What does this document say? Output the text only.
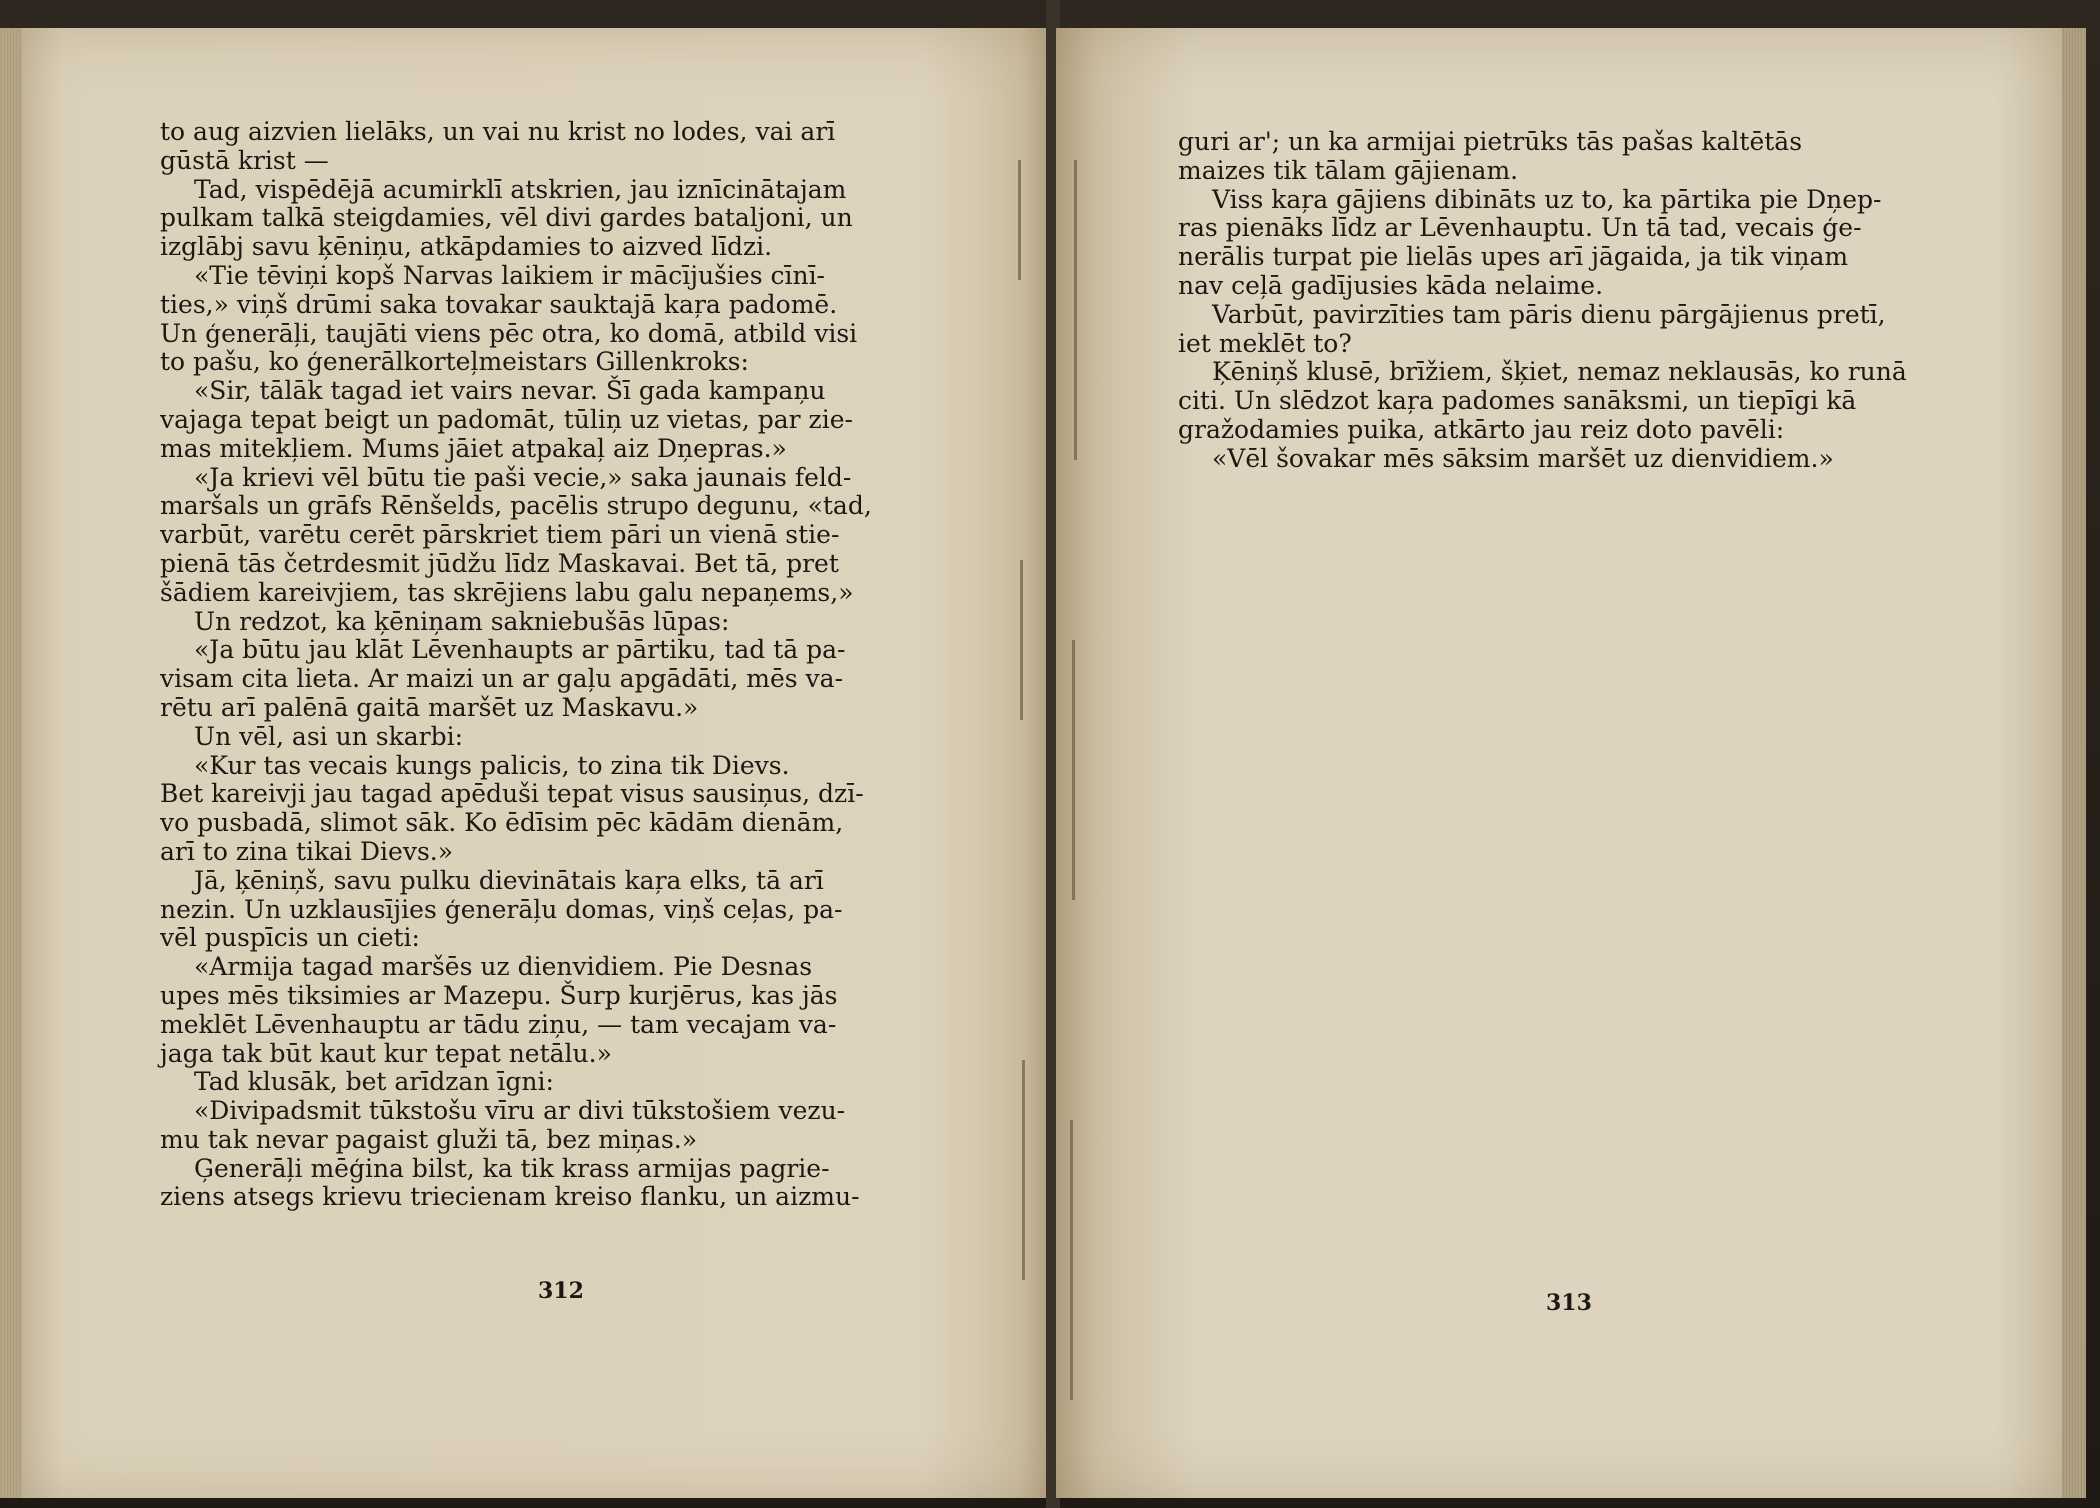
to aug aizvien lielāks, un vai nu krist no lodes, vai arī
gūstā krist —
Tad, vispēdējā acumirklī atskrien, jau iznīcinātajam
pulkam talkā steigdamies, vēl divi gardes bataljoni, un
izglābj savu ķēniņu, atkāpdamies to aizved līdzi.
«Tie tēviņi kopš Narvas laikiem ir mācījušies cīnī-
ties,» viņš drūmi saka tovakar sauktajā kaŗa padomē.
Un ģenerāļi, taujāti viens pēc otra, ko domā, atbild visi
to pašu, ko ģenerālkorteļmeistars Gillenkroks:
«Sir, tālāk tagad iet vairs nevar. Šī gada kampaņu
vajaga tepat beigt un padomāt, tūliņ uz vietas, par zie-
mas mitekļiem. Mums jāiet atpakaļ aiz Dņepras.»
«Ja krievi vēl būtu tie paši vecie,» saka jaunais feld-
maršals un grāfs Rēnšelds, pacēlis strupo degunu, «tad,
varbūt, varētu cerēt pārskriet tiem pāri un vienā stie-
pienā tās četrdesmit jūdžu līdz Maskavai. Bet tā, pret
šādiem kareivjiem, tas skrējiens labu galu nepaņems,»
Un redzot, ka ķēniņam sakniebušās lūpas:
«Ja būtu jau klāt Lēvenhaupts ar pārtiku, tad tā pa-
visam cita lieta. Ar maizi un ar gaļu apgādāti, mēs va-
rētu arī palēnā gaitā maršēt uz Maskavu.»
Un vēl, asi un skarbi:
«Kur tas vecais kungs palicis, to zina tik Dievs.
Bet kareivji jau tagad apēduši tepat visus sausiņus, dzī-
vo pusbadā, slimot sāk. Ko ēdīsim pēc kādām dienām,
arī to zina tikai Dievs.»
Jā, ķēniņš, savu pulku dievinātais kaŗa elks, tā arī
nezin. Un uzklausījies ģenerāļu domas, viņš ceļas, pa-
vēl puspīcis un cieti:
«Armija tagad maršēs uz dienvidiem. Pie Desnas
upes mēs tiksimies ar Mazepu. Šurp kurjērus, kas jās
meklēt Lēvenhauptu ar tādu ziņu, — tam vecajam va-
jaga tak būt kaut kur tepat netālu.»
Tad klusāk, bet arīdzan īgni:
«Divipadsmit tūkstošu vīru ar divi tūkstošiem vezu-
mu tak nevar pagaist gluži tā, bez miņas.»
Ģenerāļi mēģina bilst, ka tik krass armijas pagrie-
ziens atsegs krievu triecienam kreiso flanku, un aizmu-
312
guri ar'; un ka armijai pietrūks tās pašas kaltētās
maizes tik tālam gājienam.
Viss kaŗa gājiens dibināts uz to, ka pārtika pie Dņep-
ras pienāks līdz ar Lēvenhauptu. Un tā tad, vecais ģe-
nerālis turpat pie lielās upes arī jāgaida, ja tik viņam
nav ceļā gadījusies kāda nelaime.
Varbūt, pavirzīties tam pāris dienu pārgājienus pretī,
iet meklēt to?
Ķēniņš klusē, brīžiem, šķiet, nemaz neklausās, ko runā
citi. Un slēdzot kaŗa padomes sanāksmi, un tiepīgi kā
gražodamies puika, atkārto jau reiz doto pavēli:
«Vēl šovakar mēs sāksim maršēt uz dienvidiem.»
313
